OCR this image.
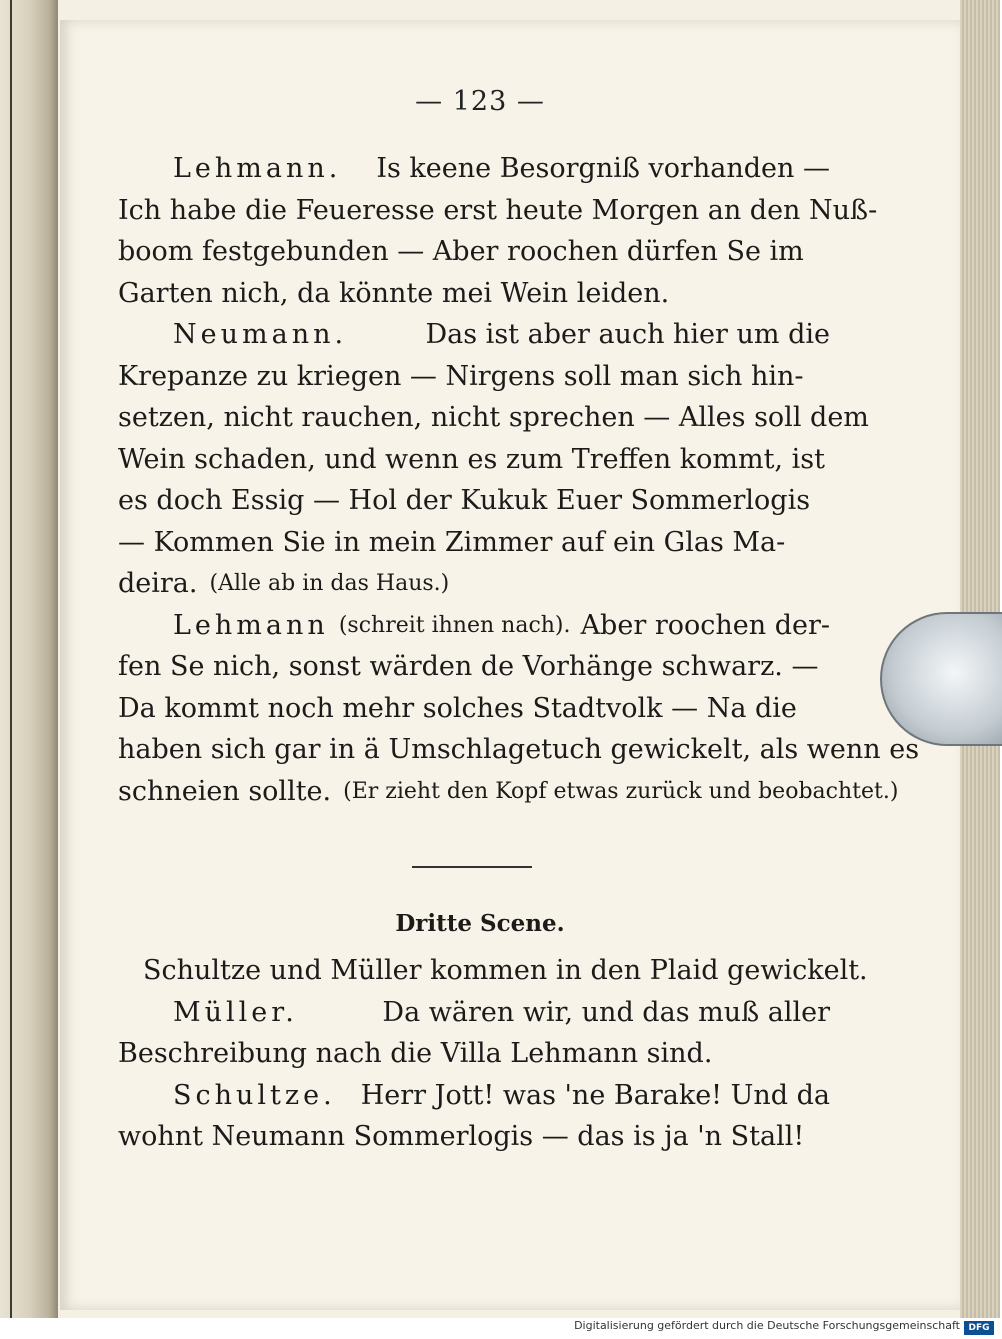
— 123 —
Lehmann. Is keene Besorgniß vorhanden —
Ich habe die Feueresse erst heute Morgen an den Nuß-
boom festgebunden — Aber roochen dürfen Se im
Garten nich, da könnte mei Wein leiden.
Neumann.	Das ist aber auch hier um die
Krepanze zu kriegen — Nirgens soll man sich hin-
setzen, nicht rauchen, nicht sprechen — Alles soll dem
Wein schaden, und wenn es zum Treffen kommt, ist
es doch Essig — Hol der Kukuk Euer Sommerlogis
— Kommen Sie in mein Zimmer auf ein Glas Ma-
deira. (Alle ab in das Haus.)
Lehmann (schreit ihnen nach). Aber roochen der-
fen Se nich, sonst wärden de Vorhänge schwarz. —
Da kommt noch mehr solches Stadtvolk — Na die
haben sich gar in ä Umschlagetuch gewickelt, als wenn es
schneien sollte. (Er zieht den Kopf etwas zurück und beobachtet.)
Dritte Scene.
Schultze und Müller kommen in den Plaid gewickelt.
Müller.	Da wären wir, und das muß aller
Beschreibung nach die Villa Lehmann sind.
Schultze. Herr Jott! was 'ne Barake! Und da
wohnt Neumann Sommerlogis — das is ja 'n Stall!
Digitalisierung gefördert durch die Deutsche Forschungsgemeinschaft DFG
